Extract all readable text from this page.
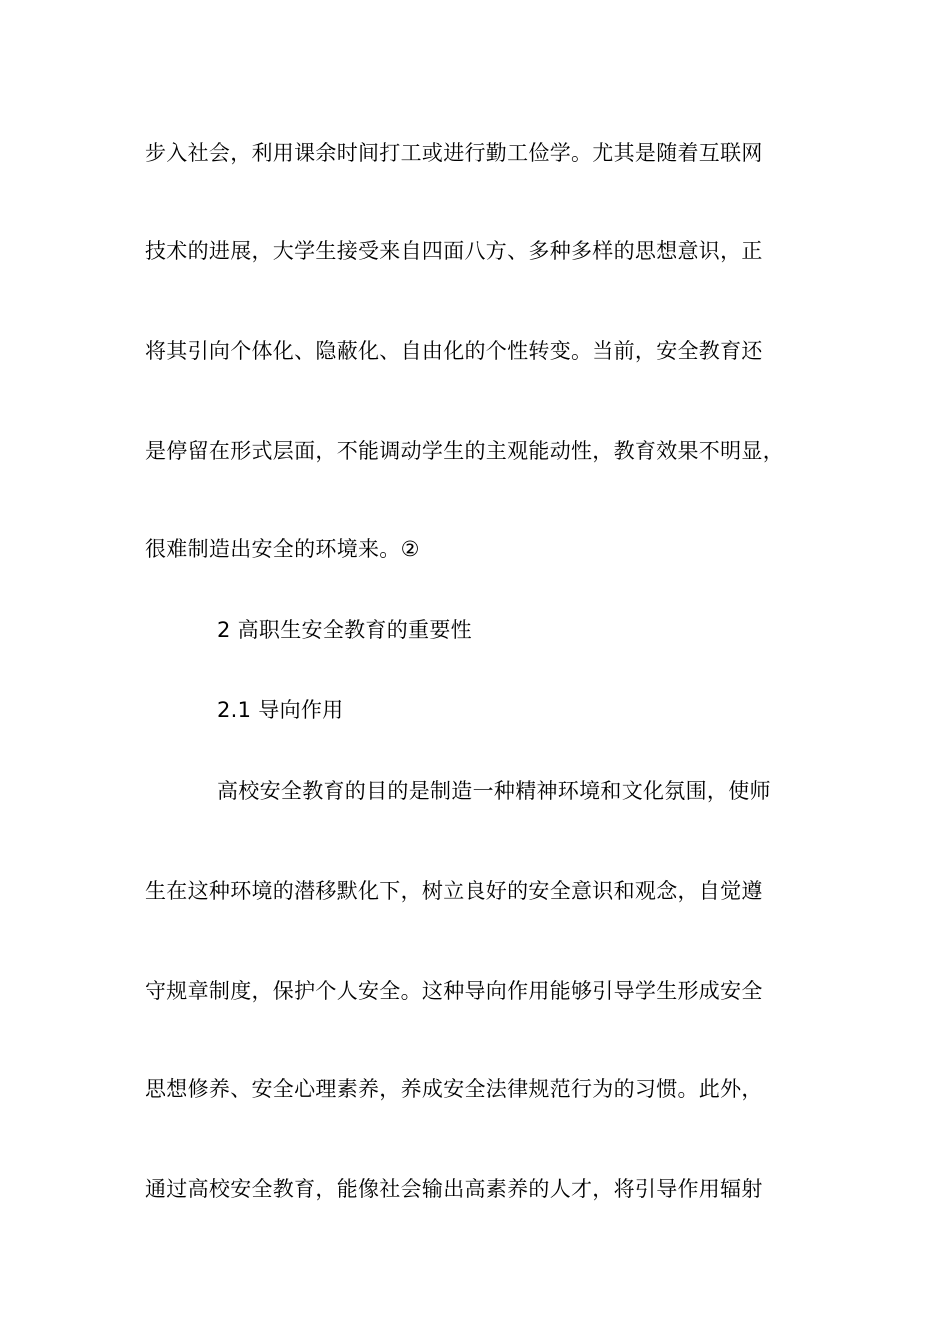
步入社会，利用课余时间打工或进行勤工俭学。尤其是随着互联网
技术的进展，大学生接受来自四面八方、多种多样的思想意识，正
将其引向个体化、隐蔽化、自由化的个性转变。当前，安全教育还
是停留在形式层面，不能调动学生的主观能动性，教育效果不明显，
很难制造出安全的环境来。②
2 高职生安全教育的重要性
2.1 导向作用
高校安全教育的目的是制造一种精神环境和文化氛围，使师
生在这种环境的潜移默化下，树立良好的安全意识和观念，自觉遵
守规章制度，保护个人安全。这种导向作用能够引导学生形成安全
思想修养、安全心理素养，养成安全法律规范行为的习惯。此外，
通过高校安全教育，能像社会输出高素养的人才，将引导作用辐射
